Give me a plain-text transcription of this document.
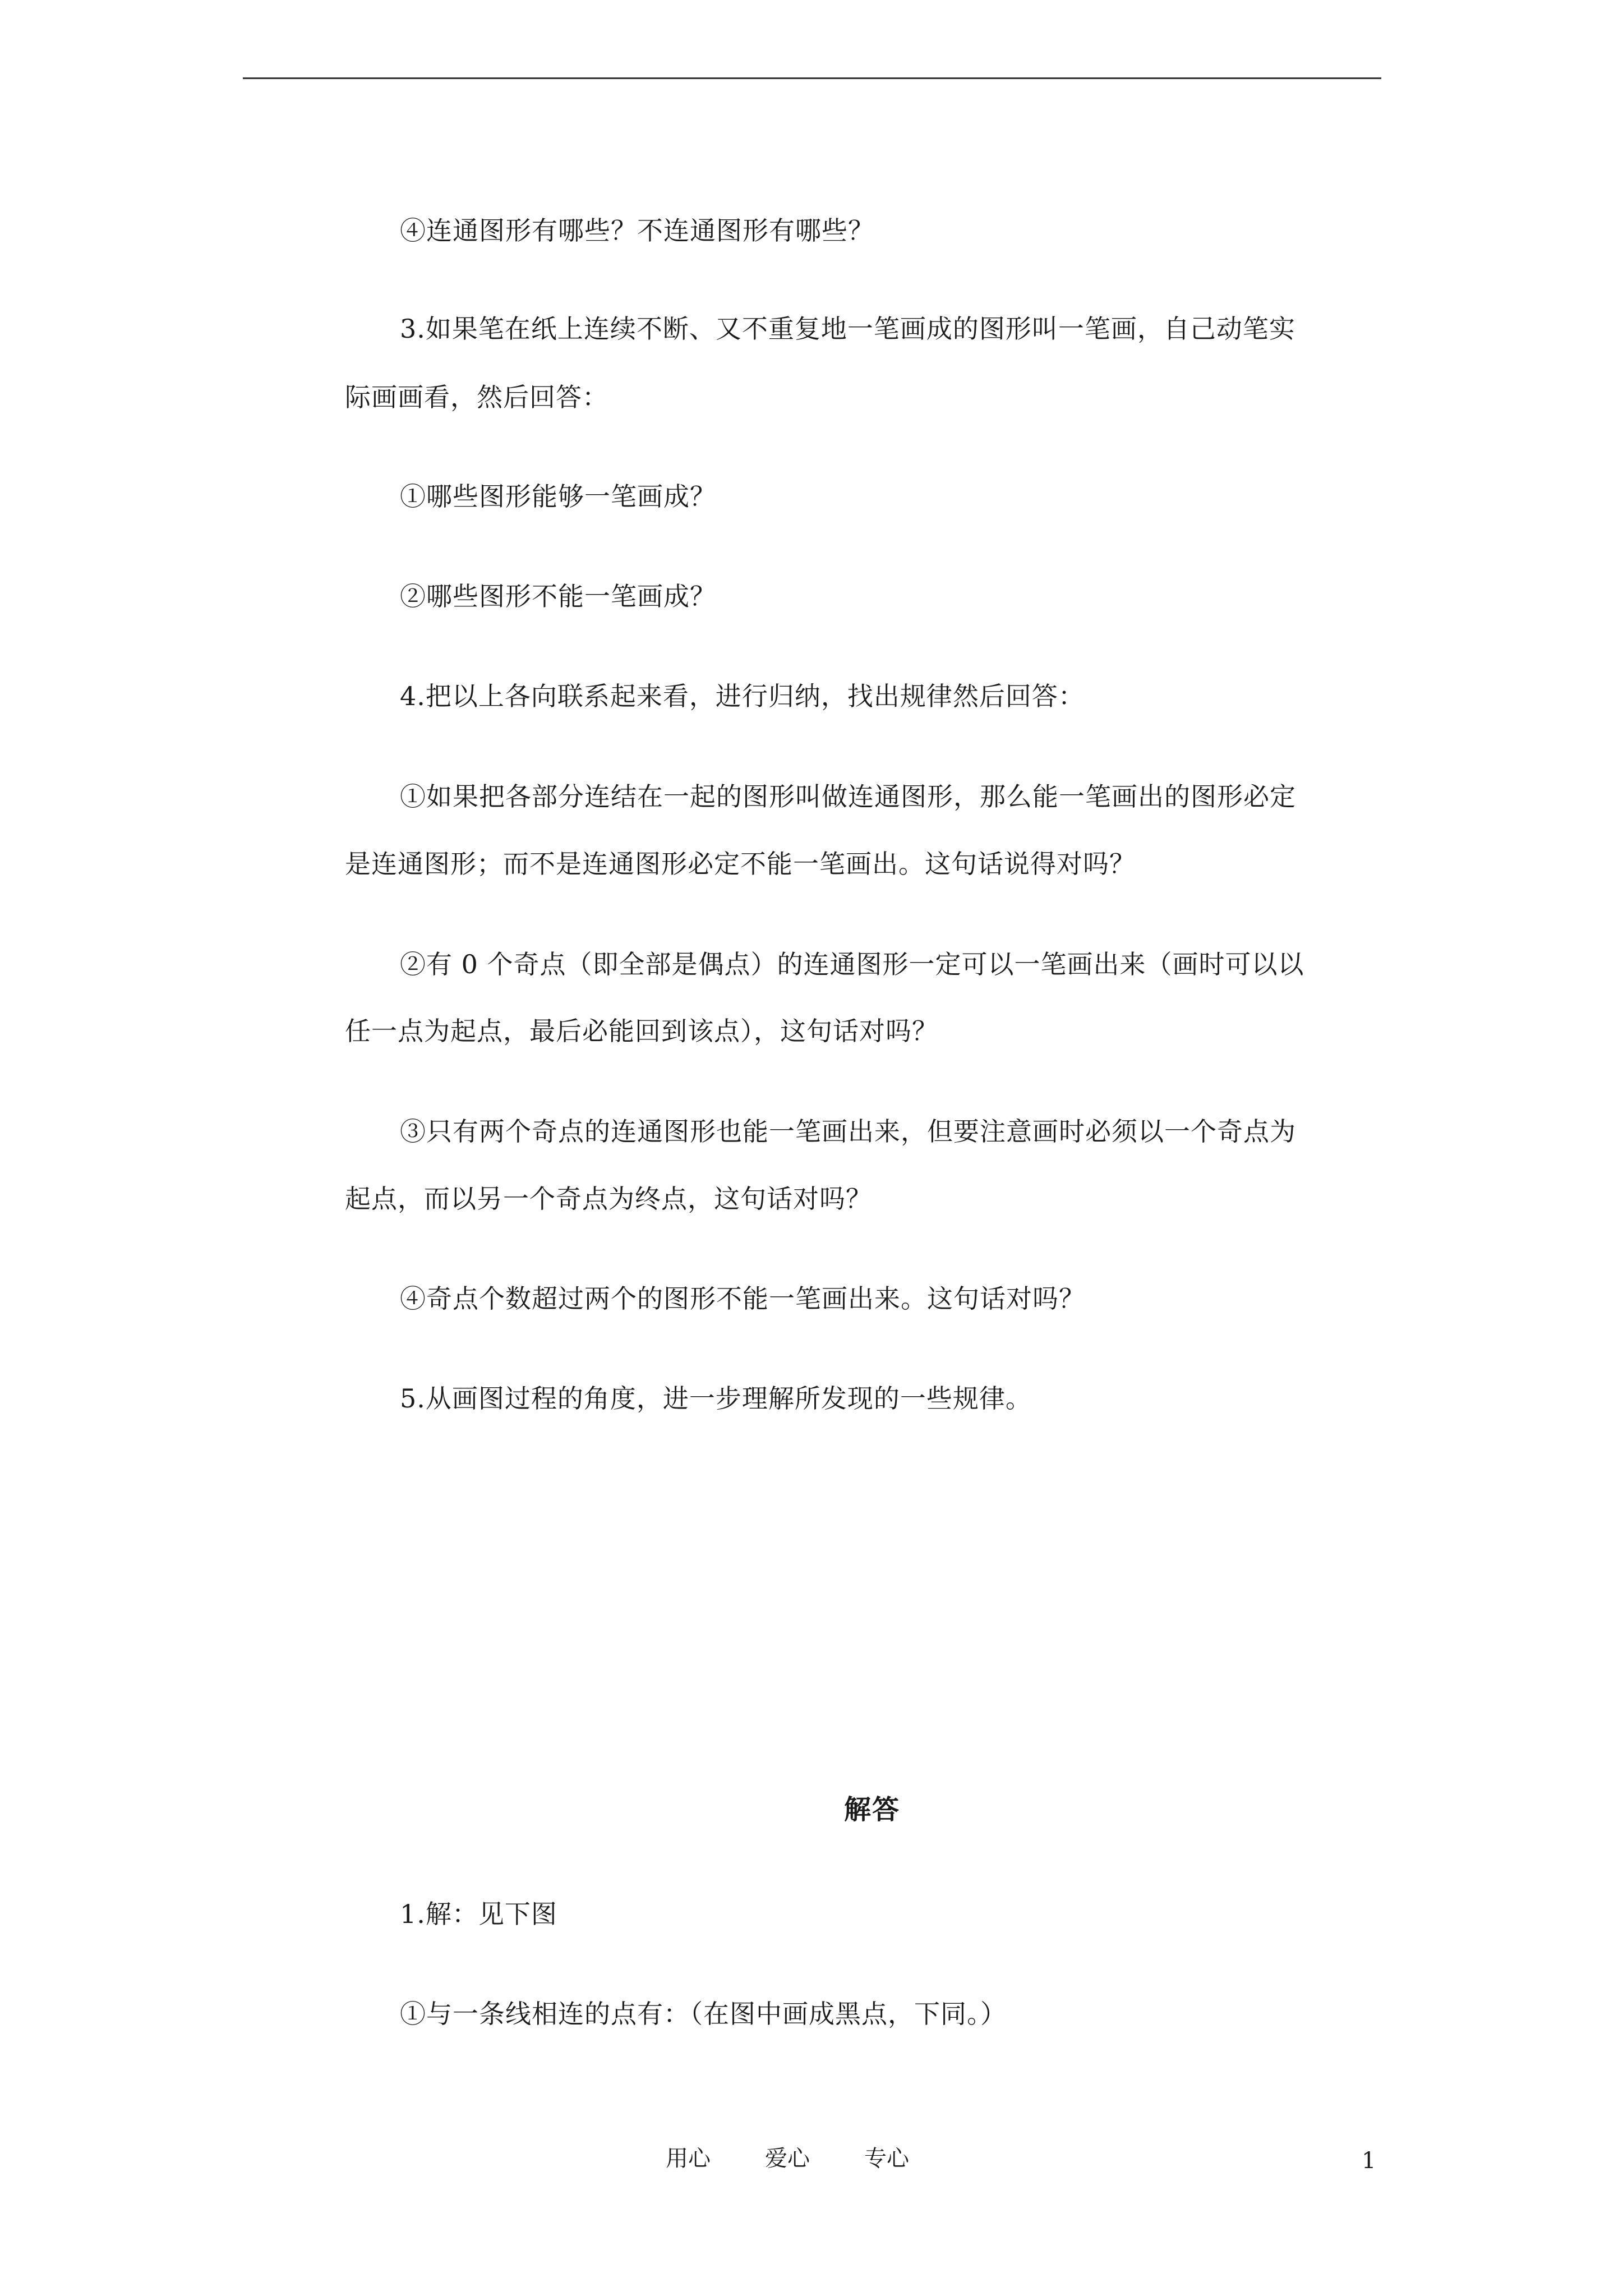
④连通图形有哪些？不连通图形有哪些？

3.如果笔在纸上连续不断、又不重复地一笔画成的图形叫一笔画，自己动笔实

际画画看，然后回答：

①哪些图形能够一笔画成？

②哪些图形不能一笔画成？

4.把以上各向联系起来看，进行归纳，找出规律然后回答：

①如果把各部分连结在一起的图形叫做连通图形，那么能一笔画出的图形必定

是连通图形；而不是连通图形必定不能一笔画出。这句话说得对吗？

②有 0 个奇点（即全部是偶点）的连通图形一定可以一笔画出来（画时可以以

任一点为起点，最后必能回到该点），这句话对吗？

③只有两个奇点的连通图形也能一笔画出来，但要注意画时必须以一个奇点为

起点，而以另一个奇点为终点，这句话对吗？

④奇点个数超过两个的图形不能一笔画出来。这句话对吗？

5.从画图过程的角度，进一步理解所发现的一些规律。

解答

1.解：见下图

①与一条线相连的点有：（在图中画成黑点，下同。）

用心 爱心 专心	1
